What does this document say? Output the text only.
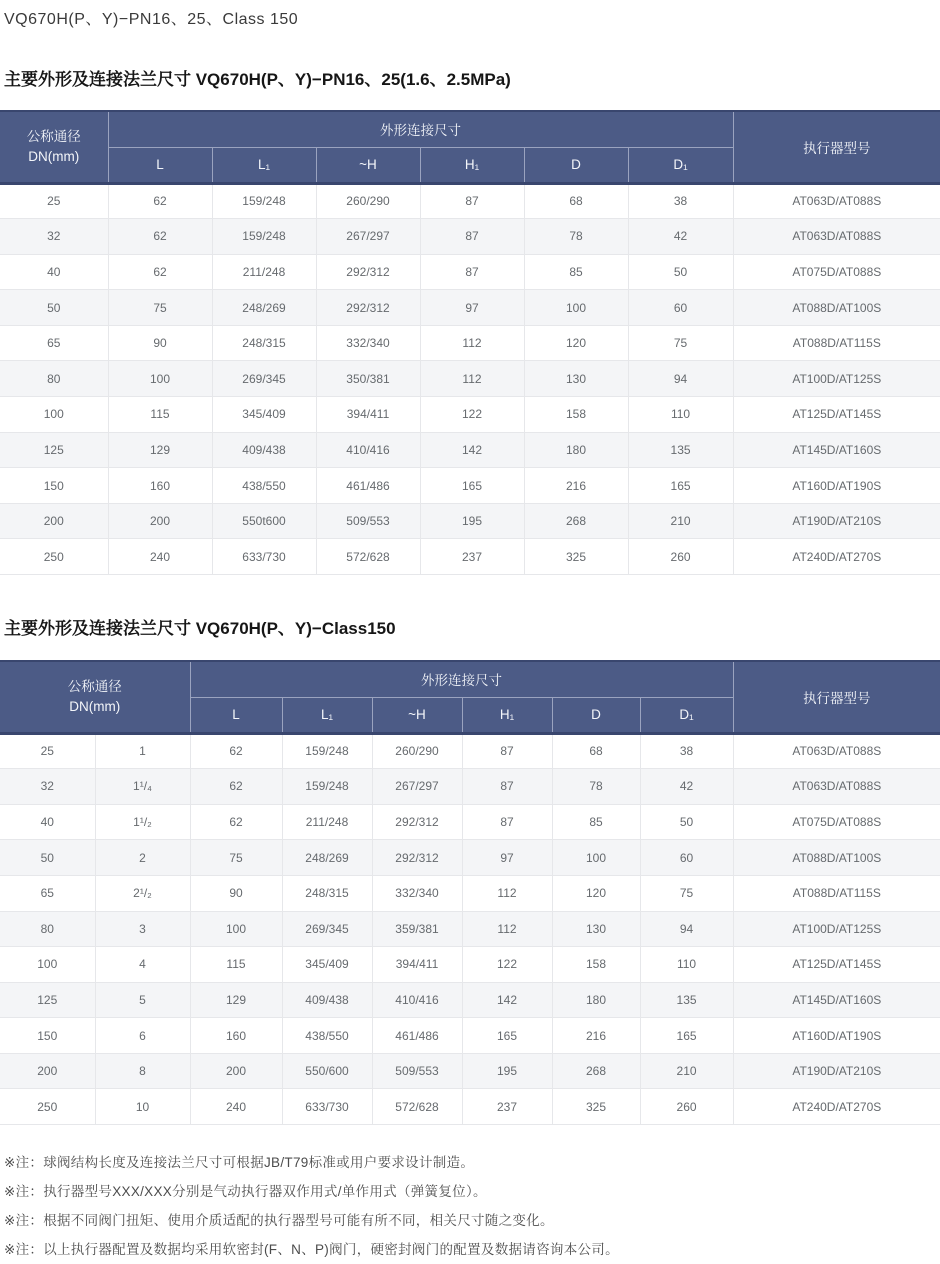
VQ670H(P、Y)−PN16、25、Class 150
主要外形及连接法兰尺寸 VQ670H(P、Y)−PN16、25(1.6、2.5MPa)
公称通径
DN(mm)	外形连接尺寸						执行器型号
	L	L₁	~H	H₁	D	D₁	
25	62	159/248	260/290	87	68	38	AT063D/AT088S
32	62	159/248	267/297	87	78	42	AT063D/AT088S
40	62	211/248	292/312	87	85	50	AT075D/AT088S
50	75	248/269	292/312	97	100	60	AT088D/AT100S
65	90	248/315	332/340	112	120	75	AT088D/AT115S
80	100	269/345	350/381	112	130	94	AT100D/AT125S
100	115	345/409	394/411	122	158	110	AT125D/AT145S
125	129	409/438	410/416	142	180	135	AT145D/AT160S
150	160	438/550	461/486	165	216	165	AT160D/AT190S
200	200	550t600	509/553	195	268	210	AT190D/AT210S
250	240	633/730	572/628	237	325	260	AT240D/AT270S
主要外形及连接法兰尺寸 VQ670H(P、Y)−Class150
公称通径
DN(mm)		外形连接尺寸						执行器型号
		L	L₁	~H	H₁	D	D₁	
25	1	62	159/248	260/290	87	68	38	AT063D/AT088S
32	1¹/₄	62	159/248	267/297	87	78	42	AT063D/AT088S
40	1¹/₂	62	211/248	292/312	87	85	50	AT075D/AT088S
50	2	75	248/269	292/312	97	100	60	AT088D/AT100S
65	2¹/₂	90	248/315	332/340	112	120	75	AT088D/AT115S
80	3	100	269/345	359/381	112	130	94	AT100D/AT125S
100	4	115	345/409	394/411	122	158	110	AT125D/AT145S
125	5	129	409/438	410/416	142	180	135	AT145D/AT160S
150	6	160	438/550	461/486	165	216	165	AT160D/AT190S
200	8	200	550/600	509/553	195	268	210	AT190D/AT210S
250	10	240	633/730	572/628	237	325	260	AT240D/AT270S
※注：球阀结构长度及连接法兰尺寸可根据JB/T79标准或用户要求设计制造。
※注：执行器型号XXX/XXX分别是气动执行器双作用式/单作用式（弹簧复位）。
※注：根据不同阀门扭矩、使用介质适配的执行器型号可能有所不同，相关尺寸随之变化。
※注：以上执行器配置及数据均采用软密封(F、N、P)阀门，硬密封阀门的配置及数据请咨询本公司。
